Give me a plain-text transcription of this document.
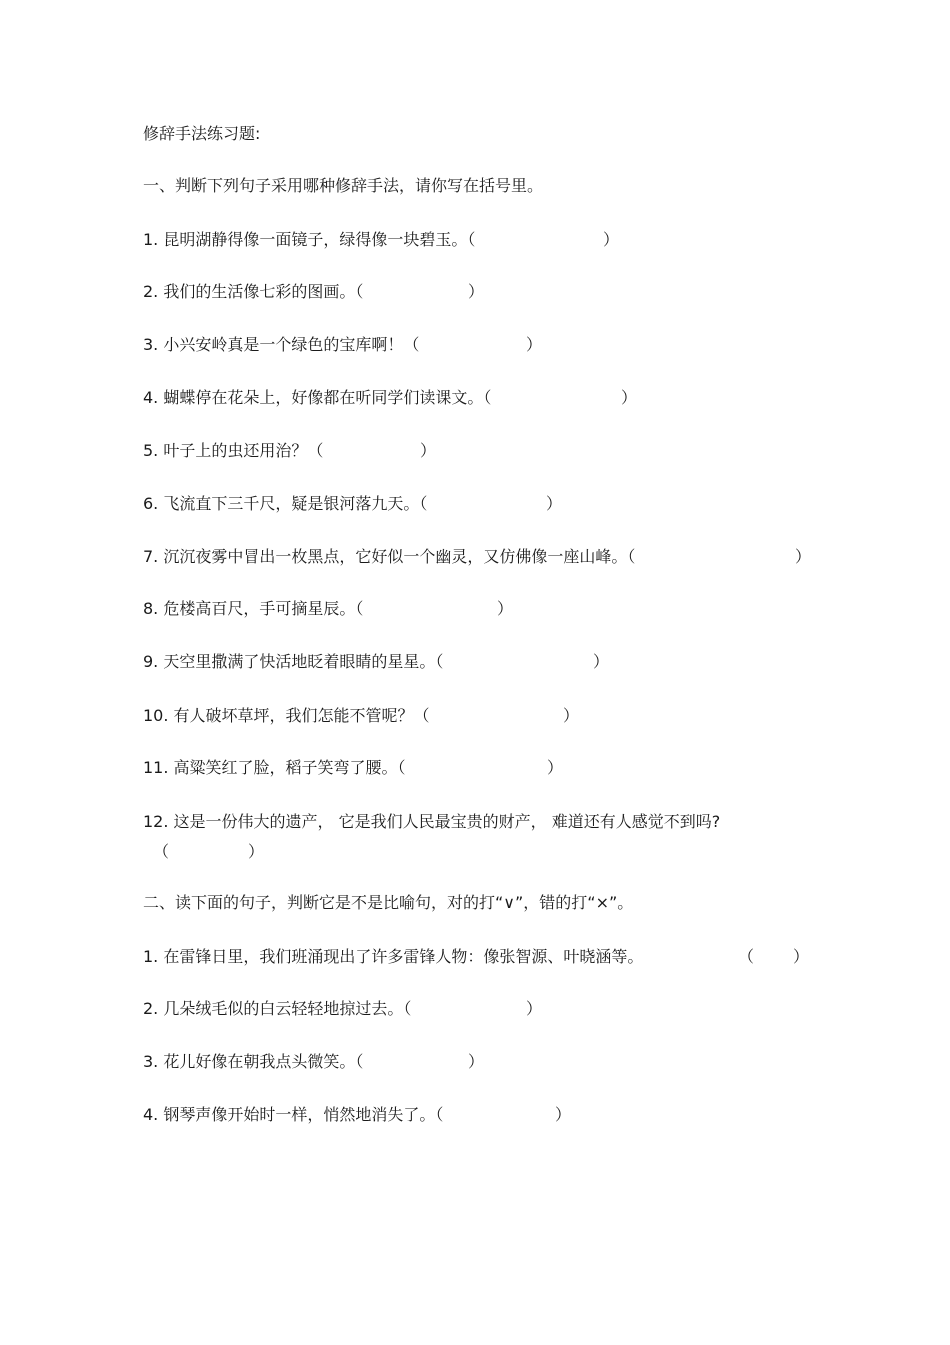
修辞手法练习题:

一、判断下列句子采用哪种修辞手法，请你写在括号里。

1. 昆明湖静得像一面镜子，绿得像一块碧玉。（	）
2. 我们的生活像七彩的图画。（	）
3. 小兴安岭真是一个绿色的宝库啊！（	）
4. 蝴蝶停在花朵上，好像都在听同学们读课文。（	）
5. 叶子上的虫还用治？（	）
6. 飞流直下三千尺，疑是银河落九天。（	）
7. 沉沉夜雾中冒出一枚黑点，它好似一个幽灵，又仿佛像一座山峰。（	）
8. 危楼高百尺，手可摘星辰。（	）
9. 天空里撒满了快活地眨着眼睛的星星。（	）
10. 有人破坏草坪，我们怎能不管呢？（	）
11. 高粱笑红了脸，稻子笑弯了腰。（	）

12. 这是一份伟大的遗产， 它是我们人民最宝贵的财产， 难道还有人感觉不到吗?

（	）

二、读下面的句子，判断它是不是比喻句，对的打“∨”，错的打“×”。

1. 在雷锋日里，我们班涌现出了许多雷锋人物：像张智源、叶晓涵等。	（ ）
2. 几朵绒毛似的白云轻轻地掠过去。（	）
3. 花儿好像在朝我点头微笑。（	）
4. 钢琴声像开始时一样，悄然地消失了。（	）
